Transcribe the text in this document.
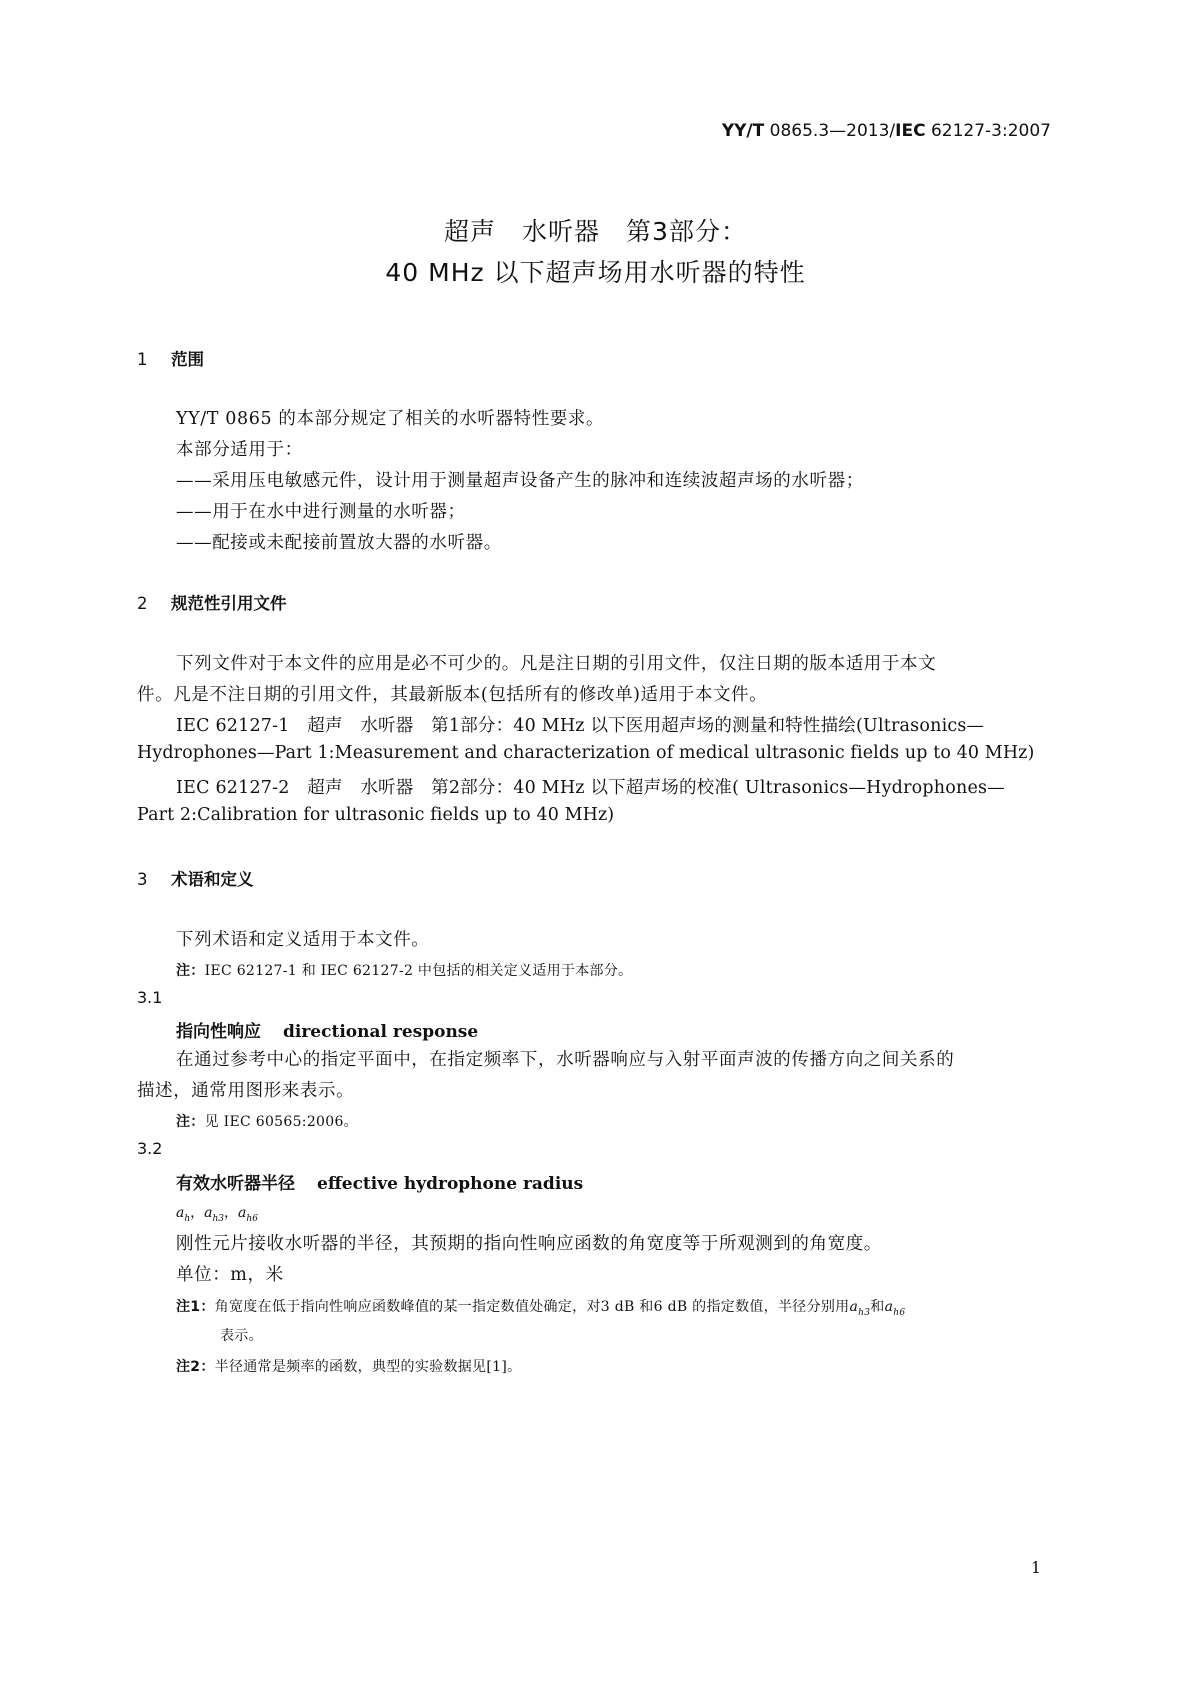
YY/T 0865.3—2013/IEC 62127-3:2007
超声　水听器　第3部分：
40 MHz 以下超声场用水听器的特性
1 范围
YY/T 0865 的本部分规定了相关的水听器特性要求。
本部分适用于：
——采用压电敏感元件，设计用于测量超声设备产生的脉冲和连续波超声场的水听器；
——用于在水中进行测量的水听器；
——配接或未配接前置放大器的水听器。
2 规范性引用文件
下列文件对于本文件的应用是必不可少的。凡是注日期的引用文件，仅注日期的版本适用于本文
件。凡是不注日期的引用文件，其最新版本(包括所有的修改单)适用于本文件。
IEC 62127-1　超声　水听器　第1部分：40 MHz 以下医用超声场的测量和特性描绘(Ultrasonics—
Hydrophones—Part 1:Measurement and characterization of medical ultrasonic fields up to 40 MHz)
IEC 62127-2　超声　水听器　第2部分：40 MHz 以下超声场的校准( Ultrasonics—Hydrophones—
Part 2:Calibration for ultrasonic fields up to 40 MHz)
3 术语和定义
下列术语和定义适用于本文件。
注：IEC 62127-1 和 IEC 62127-2 中包括的相关定义适用于本部分。
3.1
指向性响应 directional response
在通过参考中心的指定平面中，在指定频率下，水听器响应与入射平面声波的传播方向之间关系的
描述，通常用图形来表示。
注：见 IEC 60565:2006。
3.2
有效水听器半径 effective hydrophone radius
$a_h$，$a_{h3}$，$a_{h6}$
刚性元片接收水听器的半径，其预期的指向性响应函数的角宽度等于所观测到的角宽度。
单位：m，米
注1：角宽度在低于指向性响应函数峰值的某一指定数值处确定，对3 dB 和6 dB 的指定数值，半径分别用$a_{h3}$和$a_{h6}$
表示。
注2：半径通常是频率的函数，典型的实验数据见[1]。
1
